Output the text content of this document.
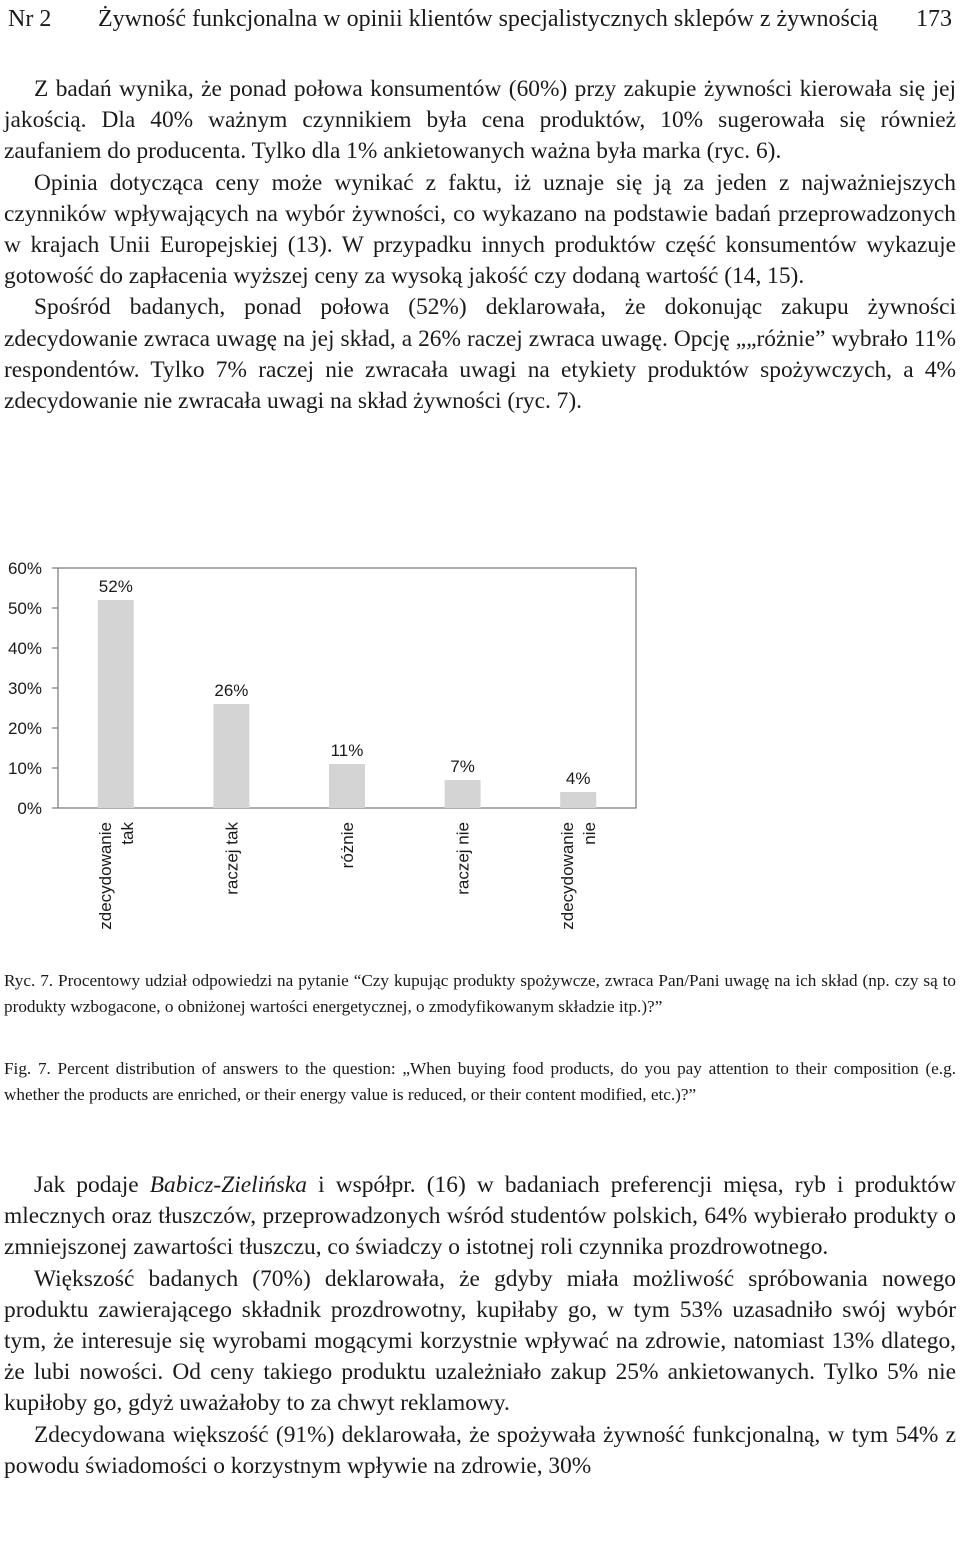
Nr 2 Żywność funkcjonalna w opinii klientów specjalistycznych sklepów z żywnością 173

Z badań wynika, że ponad połowa konsumentów (60%) przy zakupie żywności kierowała się jej jakością. Dla 40% ważnym czynnikiem była cena produktów, 10% sugerowała się również zaufaniem do producenta. Tylko dla 1% ankietowanych ważna była marka (ryc. 6).

Opinia dotycząca ceny może wynikać z faktu, iż uznaje się ją za jeden z najważniejszych czynników wpływających na wybór żywności, co wykazano na podstawie badań przeprowadzonych w krajach Unii Europejskiej (13). W przypadku innych produktów część konsumentów wykazuje gotowość do zapłacenia wyższej ceny za wysoką jakość czy dodaną wartość (14, 15).

Spośród badanych, ponad połowa (52%) deklarowała, że dokonując zakupu żywności zdecydowanie zwraca uwagę na jej skład, a 26% raczej zwraca uwagę. Opcję „„różnie” wybrało 11% respondentów. Tylko 7% raczej nie zwracała uwagi na etykiety produktów spożywczych, a 4% zdecydowanie nie zwracała uwagi na skład żywności (ryc. 7).

0%
10%
20%
30%
40%
50%
60%
52%
zdecydowanie tak
26%
raczej tak
11%
różnie
7%
raczej nie
4%
zdecydowanie nie

Ryc. 7. Procentowy udział odpowiedzi na pytanie “Czy kupując produkty spożywcze, zwraca Pan/Pani uwagę na ich skład (np. czy są to produkty wzbogacone, o obniżonej wartości energetycznej, o zmodyfikowanym składzie itp.)?”

Fig. 7. Percent distribution of answers to the question: „When buying food products, do you pay attention to their composition (e.g. whether the products are enriched, or their energy value is reduced, or their content modified, etc.)?”

Jak podaje Babicz-Zielińska i współpr. (16) w badaniach preferencji mięsa, ryb i produktów mlecznych oraz tłuszczów, przeprowadzonych wśród studentów polskich, 64% wybierało produkty o zmniejszonej zawartości tłuszczu, co świadczy o istotnej roli czynnika prozdrowotnego.

Większość badanych (70%) deklarowała, że gdyby miała możliwość spróbowania nowego produktu zawierającego składnik prozdrowotny, kupiłaby go, w tym 53% uzasadniło swój wybór tym, że interesuje się wyrobami mogącymi korzystnie wpływać na zdrowie, natomiast 13% dlatego, że lubi nowości. Od ceny takiego produktu uzależniało zakup 25% ankietowanych. Tylko 5% nie kupiłoby go, gdyż uważałoby to za chwyt reklamowy.

Zdecydowana większość (91%) deklarowała, że spożywała żywność funkcjonalną, w tym 54% z powodu świadomości o korzystnym wpływie na zdrowie, 30%
